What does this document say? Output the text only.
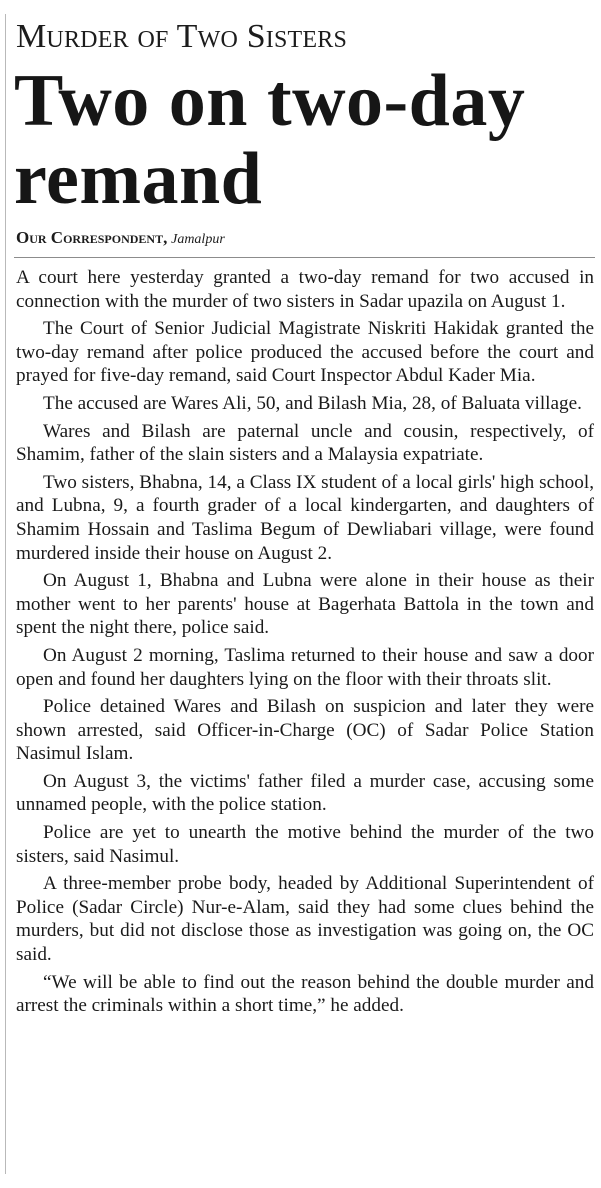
Murder of Two Sisters
Two on two-day remand
Our Correspondent, Jamalpur

A court here yesterday granted a two-day remand for two accused in connection with the murder of two sisters in Sadar upazila on August 1.

The Court of Senior Judicial Magistrate Niskriti Hakidak granted the two-day remand after police produced the accused before the court and prayed for five-day remand, said Court Inspector Abdul Kader Mia.

The accused are Wares Ali, 50, and Bilash Mia, 28, of Baluata village.

Wares and Bilash are paternal uncle and cousin, respectively, of Shamim, father of the slain sisters and a Malaysia expatriate.

Two sisters, Bhabna, 14, a Class IX student of a local girls' high school, and Lubna, 9, a fourth grader of a local kindergarten, and daughters of Shamim Hossain and Taslima Begum of Dewliabari village, were found murdered inside their house on August 2.

On August 1, Bhabna and Lubna were alone in their house as their mother went to her parents' house at Bagerhata Battola in the town and spent the night there, police said.

On August 2 morning, Taslima returned to their house and saw a door open and found her daughters lying on the floor with their throats slit.

Police detained Wares and Bilash on suspicion and later they were shown arrested, said Officer-in-Charge (OC) of Sadar Police Station Nasimul Islam.

On August 3, the victims' father filed a murder case, accusing some unnamed people, with the police station.

Police are yet to unearth the motive behind the murder of the two sisters, said Nasimul.

A three-member probe body, headed by Additional Superintendent of Police (Sadar Circle) Nur-e-Alam, said they had some clues behind the murders, but did not disclose those as investigation was going on, the OC said.

“We will be able to find out the reason behind the double murder and arrest the criminals within a short time,” he added.
